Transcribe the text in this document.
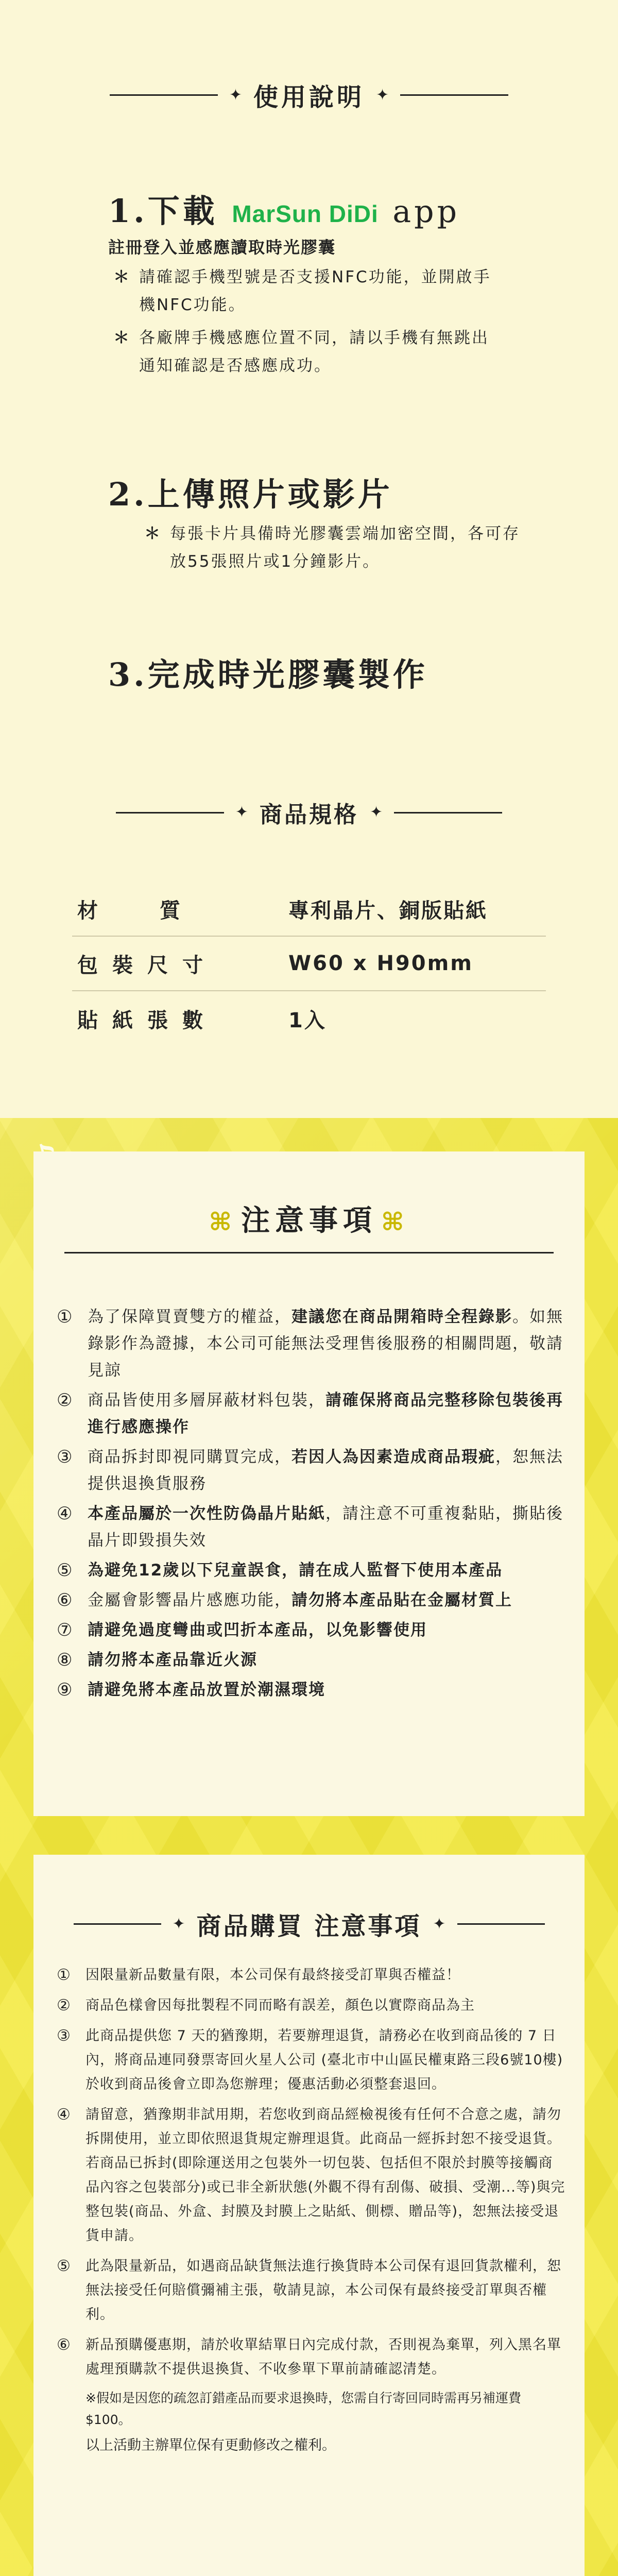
✦ 使用說明 ✦
1.下載 MarSun DiDi app
註冊登入並感應讀取時光膠囊
＊ 請確認手機型號是否支援NFC功能，並開啟手機NFC功能。
＊ 各廠牌手機感應位置不同，請以手機有無跳出通知確認是否感應成功。
2.上傳照片或影片
＊ 每張卡片具備時光膠囊雲端加密空間，各可存放55張照片或1分鐘影片。
3.完成時光膠囊製作
✦ 商品規格 ✦
材質	專利晶片、銅版貼紙
包裝尺寸	W60 x H90mm
貼紙張數	1入
⌘ 注意事項 ⌘
① 為了保障買賣雙方的權益，建議您在商品開箱時全程錄影。如無錄影作為證據，本公司可能無法受理售後服務的相關問題，敬請見諒
② 商品皆使用多層屏蔽材料包裝，請確保將商品完整移除包裝後再進行感應操作
③ 商品拆封即視同購買完成，若因人為因素造成商品瑕疵，恕無法提供退換貨服務
④ 本產品屬於一次性防偽晶片貼紙，請注意不可重複黏貼，撕貼後晶片即毀損失效
⑤ 為避免12歲以下兒童誤食，請在成人監督下使用本產品
⑥ 金屬會影響晶片感應功能，請勿將本產品貼在金屬材質上
⑦ 請避免過度彎曲或凹折本產品，以免影響使用
⑧ 請勿將本產品靠近火源
⑨ 請避免將本產品放置於潮濕環境
✦ 商品購買 注意事項 ✦
① 因限量新品數量有限，本公司保有最終接受訂單與否權益！
② 商品色樣會因每批製程不同而略有誤差，顏色以實際商品為主
③ 此商品提供您 7 天的猶豫期，若要辦理退貨，請務必在收到商品後的 7 日內，將商品連同發票寄回火星人公司 (臺北市中山區民權東路三段6號10樓) 於收到商品後會立即為您辦理；優惠活動必須整套退回。
④ 請留意，猶豫期非試用期，若您收到商品經檢視後有任何不合意之處，請勿拆開使用，並立即依照退貨規定辦理退貨。此商品一經拆封恕不接受退貨。若商品已拆封(即除運送用之包裝外一切包裝、包括但不限於封膜等接觸商品內容之包裝部分)或已非全新狀態(外觀不得有刮傷、破損、受潮...等)與完整包裝(商品、外盒、封膜及封膜上之貼紙、側標、贈品等)，恕無法接受退貨申請。
⑤ 此為限量新品，如遇商品缺貨無法進行換貨時本公司保有退回貨款權利，恕無法接受任何賠償彌補主張，敬請見諒，本公司保有最終接受訂單與否權利。
⑥ 新品預購優惠期，請於收單結單日內完成付款，否則視為棄單，列入黑名單處理預購款不提供退換貨、不收參單下單前請確認清楚。
※假如是因您的疏忽訂錯產品而要求退換時，您需自行寄回同時需再另補運費 $100。
以上活動主辦單位保有更動修改之權利。
